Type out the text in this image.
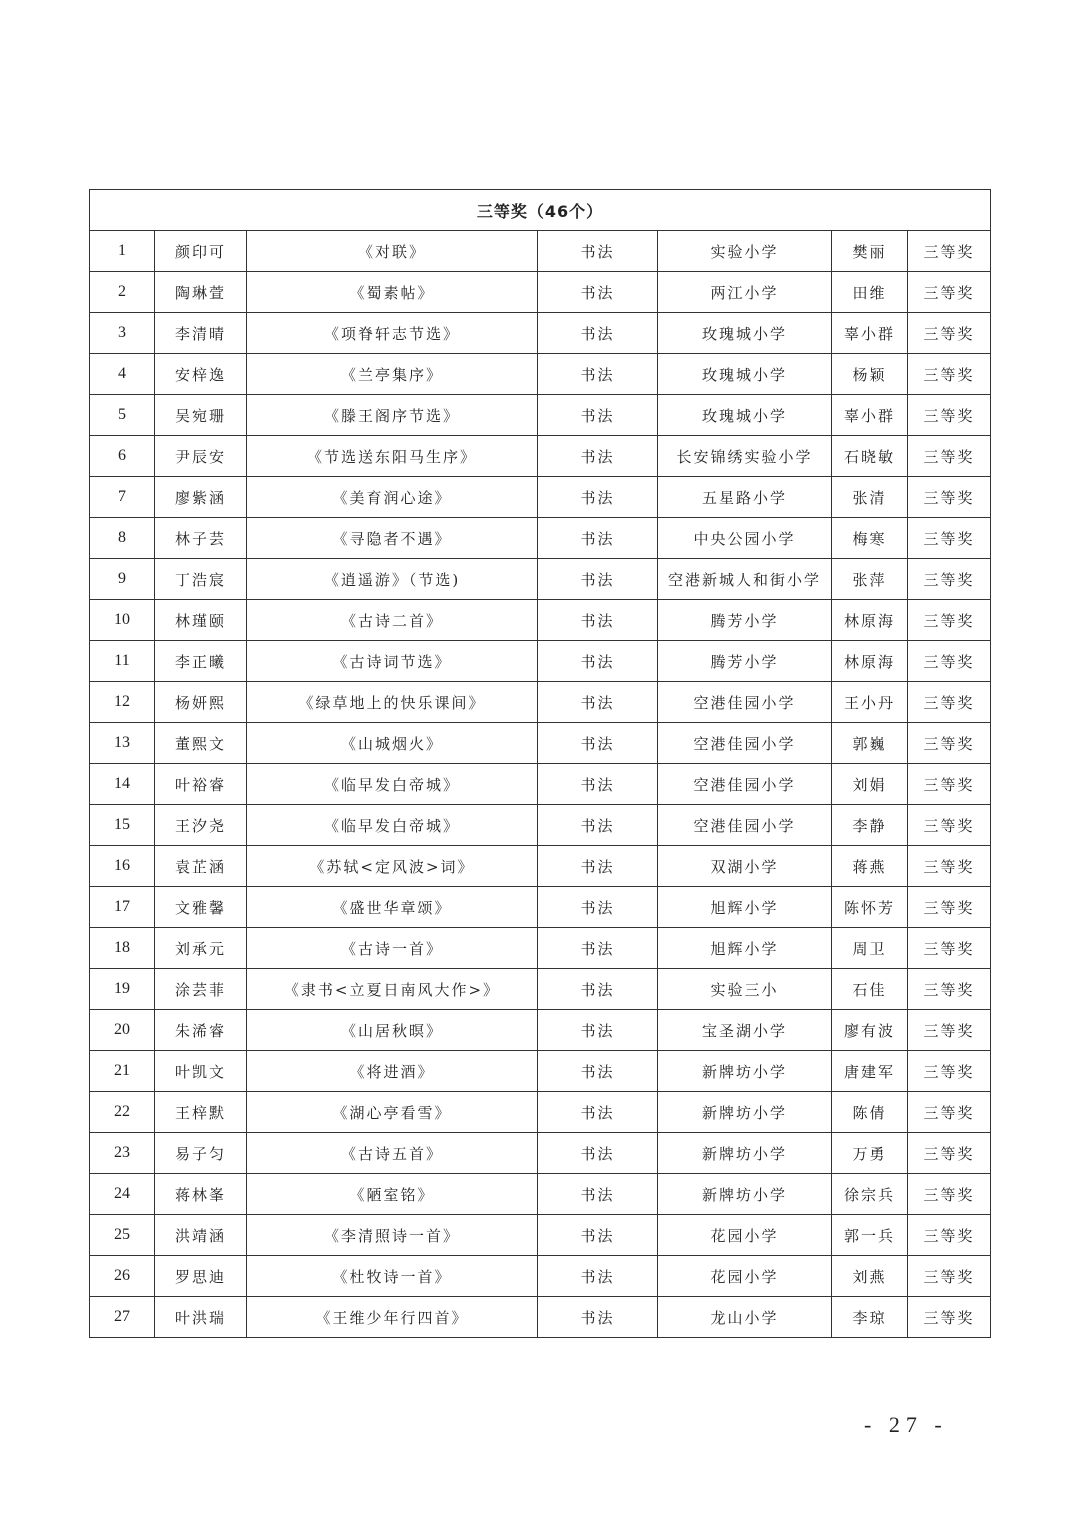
三等奖（46个）						
1	颜印可	《对联》	书法	实验小学	樊丽	三等奖
2	陶琳萱	《蜀素帖》	书法	两江小学	田维	三等奖
3	李清晴	《项脊轩志节选》	书法	玫瑰城小学	辜小群	三等奖
4	安梓逸	《兰亭集序》	书法	玫瑰城小学	杨颖	三等奖
5	吴宛珊	《滕王阁序节选》	书法	玫瑰城小学	辜小群	三等奖
6	尹辰安	《节选送东阳马生序》	书法	长安锦绣实验小学	石晓敏	三等奖
7	廖紫涵	《美育润心途》	书法	五星路小学	张清	三等奖
8	林子芸	《寻隐者不遇》	书法	中央公园小学	梅寒	三等奖
9	丁浩宸	《逍遥游》（节选)	书法	空港新城人和街小学	张萍	三等奖
10	林瑾颐	《古诗二首》	书法	腾芳小学	林原海	三等奖
11	李正曦	《古诗词节选》	书法	腾芳小学	林原海	三等奖
12	杨妍熙	《绿草地上的快乐课间》	书法	空港佳园小学	王小丹	三等奖
13	董熙文	《山城烟火》	书法	空港佳园小学	郭巍	三等奖
14	叶裕睿	《临早发白帝城》	书法	空港佳园小学	刘娟	三等奖
15	王汐尧	《临早发白帝城》	书法	空港佳园小学	李静	三等奖
16	袁芷涵	《苏轼<定风波>词》	书法	双湖小学	蒋燕	三等奖
17	文雅馨	《盛世华章颂》	书法	旭辉小学	陈怀芳	三等奖
18	刘承元	《古诗一首》	书法	旭辉小学	周卫	三等奖
19	涂芸菲	《隶书<立夏日南风大作>》	书法	实验三小	石佳	三等奖
20	朱浠睿	《山居秋暝》	书法	宝圣湖小学	廖有波	三等奖
21	叶凯文	《将进酒》	书法	新牌坊小学	唐建军	三等奖
22	王梓默	《湖心亭看雪》	书法	新牌坊小学	陈倩	三等奖
23	易子匀	《古诗五首》	书法	新牌坊小学	万勇	三等奖
24	蒋林峯	《陋室铭》	书法	新牌坊小学	徐宗兵	三等奖
25	洪靖涵	《李清照诗一首》	书法	花园小学	郭一兵	三等奖
26	罗思迪	《杜牧诗一首》	书法	花园小学	刘燕	三等奖
27	叶洪瑞	《王维少年行四首》	书法	龙山小学	李琼	三等奖
- 27 -
